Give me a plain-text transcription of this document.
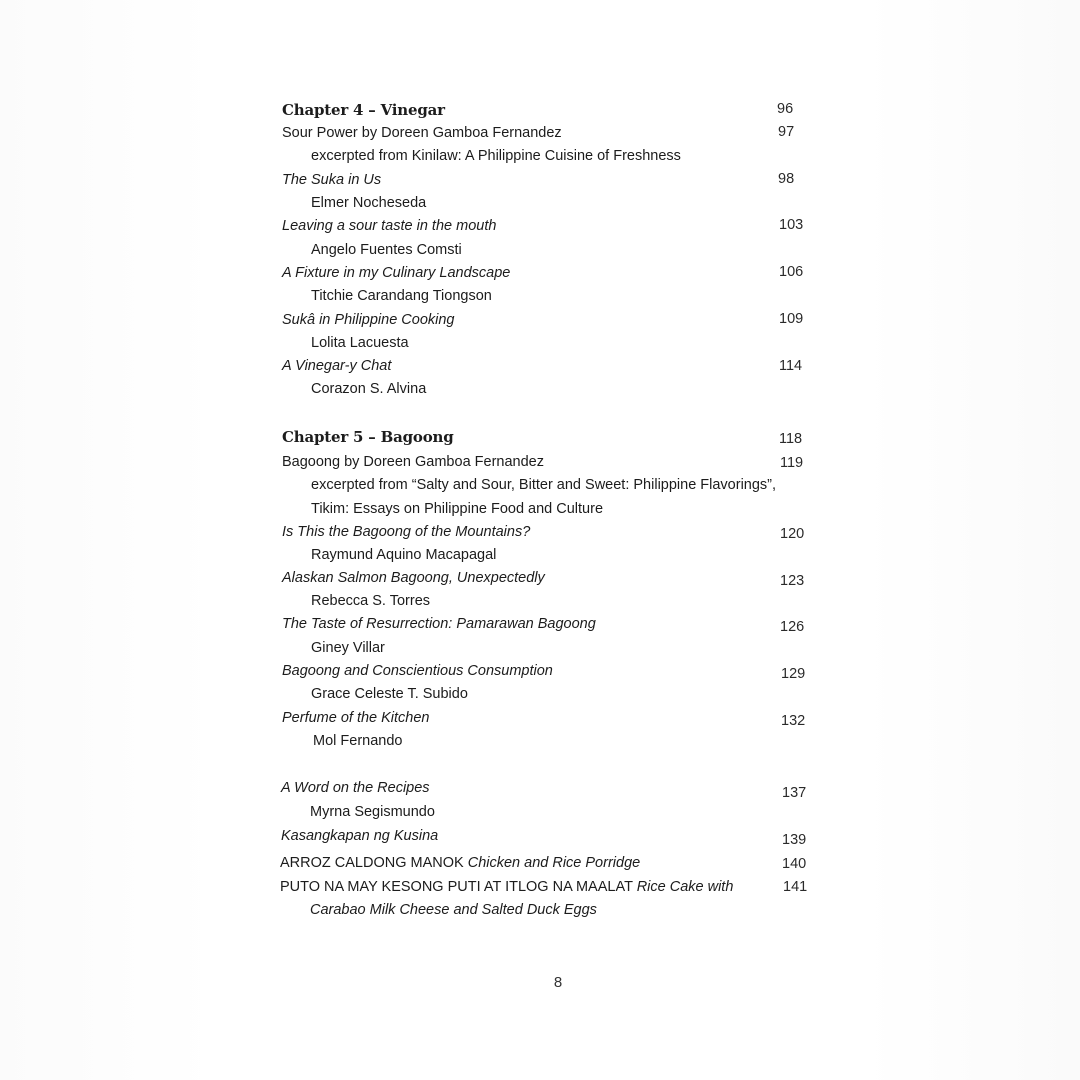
Chapter 4 – Vinegar	96
Sour Power by Doreen Gamboa Fernandez	97
excerpted from Kinilaw: A Philippine Cuisine of Freshness
The Suka in Us	98
Elmer Nocheseda
Leaving a sour taste in the mouth	103
Angelo Fuentes Comsti
A Fixture in my Culinary Landscape	106
Titchie Carandang Tiongson
Sukâ in Philippine Cooking	109
Lolita Lacuesta
A Vinegar-y Chat	114
Corazon S. Alvina
Chapter 5 – Bagoong	118
Bagoong by Doreen Gamboa Fernandez	119
excerpted from “Salty and Sour, Bitter and Sweet: Philippine Flavorings”,
Tikim: Essays on Philippine Food and Culture
Is This the Bagoong of the Mountains?	120
Raymund Aquino Macapagal
Alaskan Salmon Bagoong, Unexpectedly	123
Rebecca S. Torres
The Taste of Resurrection: Pamarawan Bagoong	126
Giney Villar
Bagoong and Conscientious Consumption	129
Grace Celeste T. Subido
Perfume of the Kitchen	132
Mol Fernando
A Word on the Recipes	137
Myrna Segismundo
Kasangkapan ng Kusina	139
ARROZ CALDONG MANOK Chicken and Rice Porridge	140
PUTO NA MAY KESONG PUTI AT ITLOG NA MAALAT Rice Cake with	141
Carabao Milk Cheese and Salted Duck Eggs
8
